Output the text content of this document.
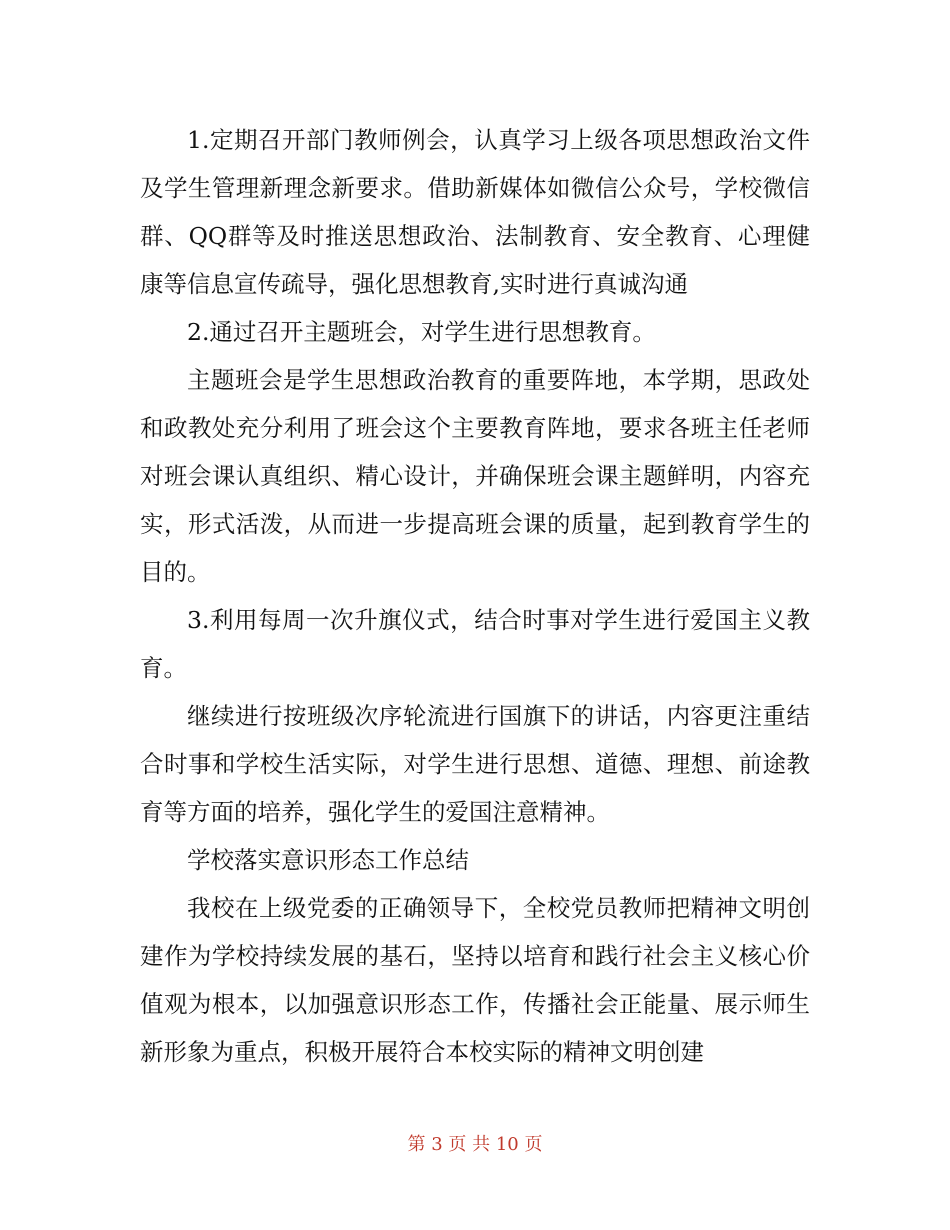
1.定期召开部门教师例会，认真学习上级各项思想政治文件及学生管理新理念新要求。借助新媒体如微信公众号，学校微信群、QQ群等及时推送思想政治、法制教育、安全教育、心理健康等信息宣传疏导，强化思想教育,实时进行真诚沟通

2.通过召开主题班会，对学生进行思想教育。

主题班会是学生思想政治教育的重要阵地，本学期，思政处和政教处充分利用了班会这个主要教育阵地，要求各班主任老师对班会课认真组织、精心设计，并确保班会课主题鲜明，内容充实，形式活泼，从而进一步提高班会课的质量，起到教育学生的目的。

3.利用每周一次升旗仪式，结合时事对学生进行爱国主义教育。

继续进行按班级次序轮流进行国旗下的讲话，内容更注重结合时事和学校生活实际，对学生进行思想、道德、理想、前途教育等方面的培养，强化学生的爱国注意精神。

学校落实意识形态工作总结

我校在上级党委的正确领导下，全校党员教师把精神文明创建作为学校持续发展的基石，坚持以培育和践行社会主义核心价值观为根本，以加强意识形态工作，传播社会正能量、展示师生新形象为重点，积极开展符合本校实际的精神文明创建

第 3 页 共 10 页
